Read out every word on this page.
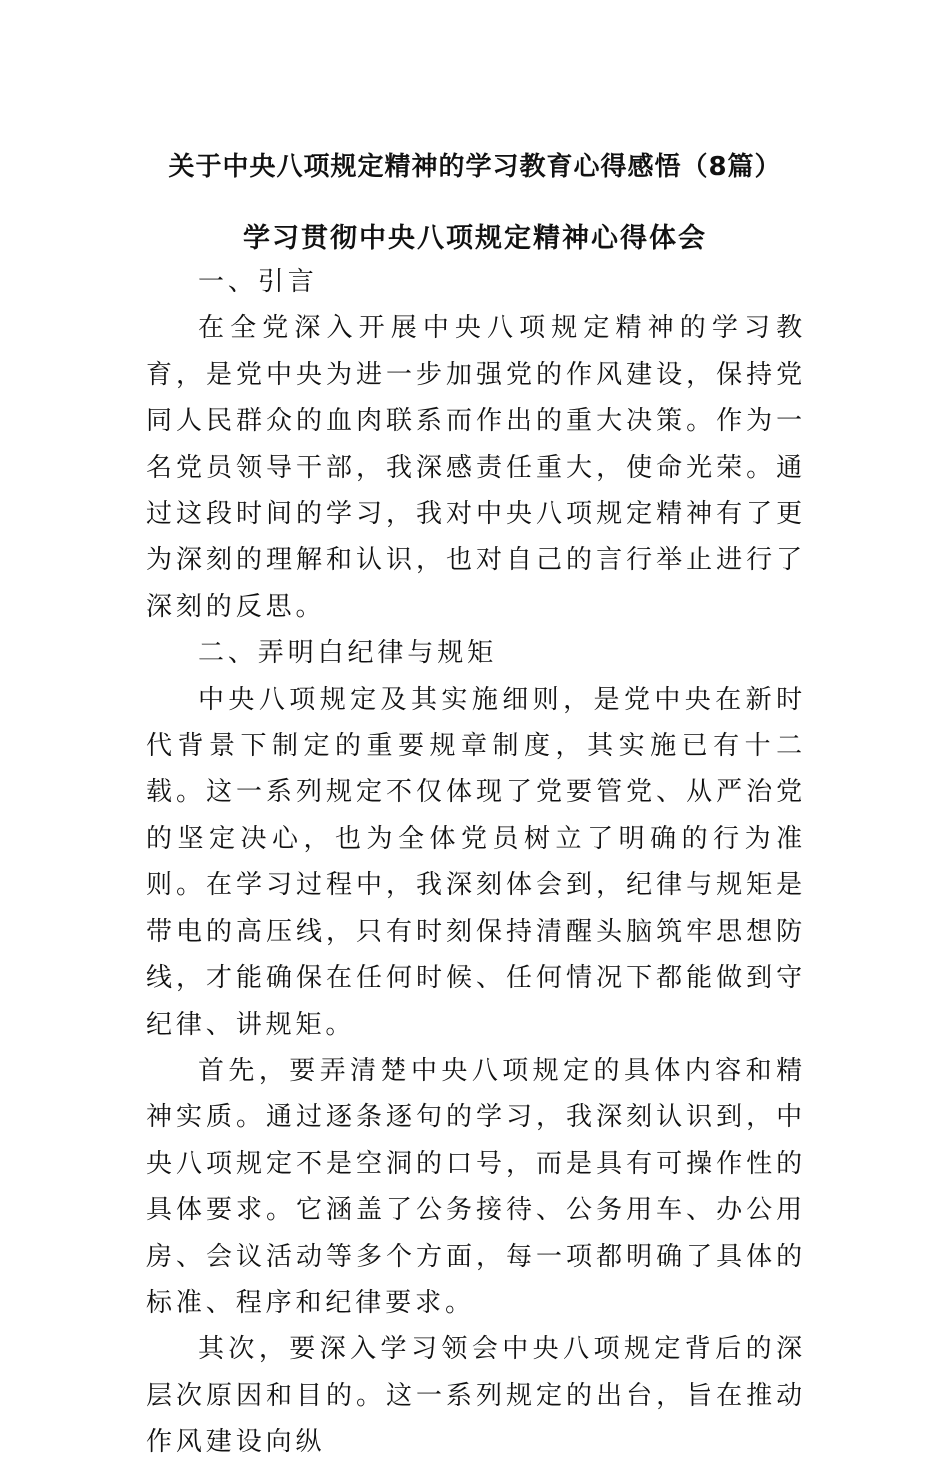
关于中央八项规定精神的学习教育心得感悟（8篇）
学习贯彻中央八项规定精神心得体会

一、引言

在全党深入开展中央八项规定精神的学习教育，是党中央为进一步加强党的作风建设，保持党同人民群众的血肉联系而作出的重大决策。作为一名党员领导干部，我深感责任重大，使命光荣。通过这段时间的学习，我对中央八项规定精神有了更为深刻的理解和认识，也对自己的言行举止进行了深刻的反思。

二、弄明白纪律与规矩

中央八项规定及其实施细则，是党中央在新时代背景下制定的重要规章制度，其实施已有十二载。这一系列规定不仅体现了党要管党、从严治党的坚定决心，也为全体党员树立了明确的行为准则。在学习过程中，我深刻体会到，纪律与规矩是带电的高压线，只有时刻保持清醒头脑筑牢思想防线，才能确保在任何时候、任何情况下都能做到守纪律、讲规矩。

首先，要弄清楚中央八项规定的具体内容和精神实质。通过逐条逐句的学习，我深刻认识到，中央八项规定不是空洞的口号，而是具有可操作性的具体要求。它涵盖了公务接待、公务用车、办公用房、会议活动等多个方面，每一项都明确了具体的标准、程序和纪律要求。

其次，要深入学习领会中央八项规定背后的深层次原因和目的。这一系列规定的出台，旨在推动作风建设向纵
